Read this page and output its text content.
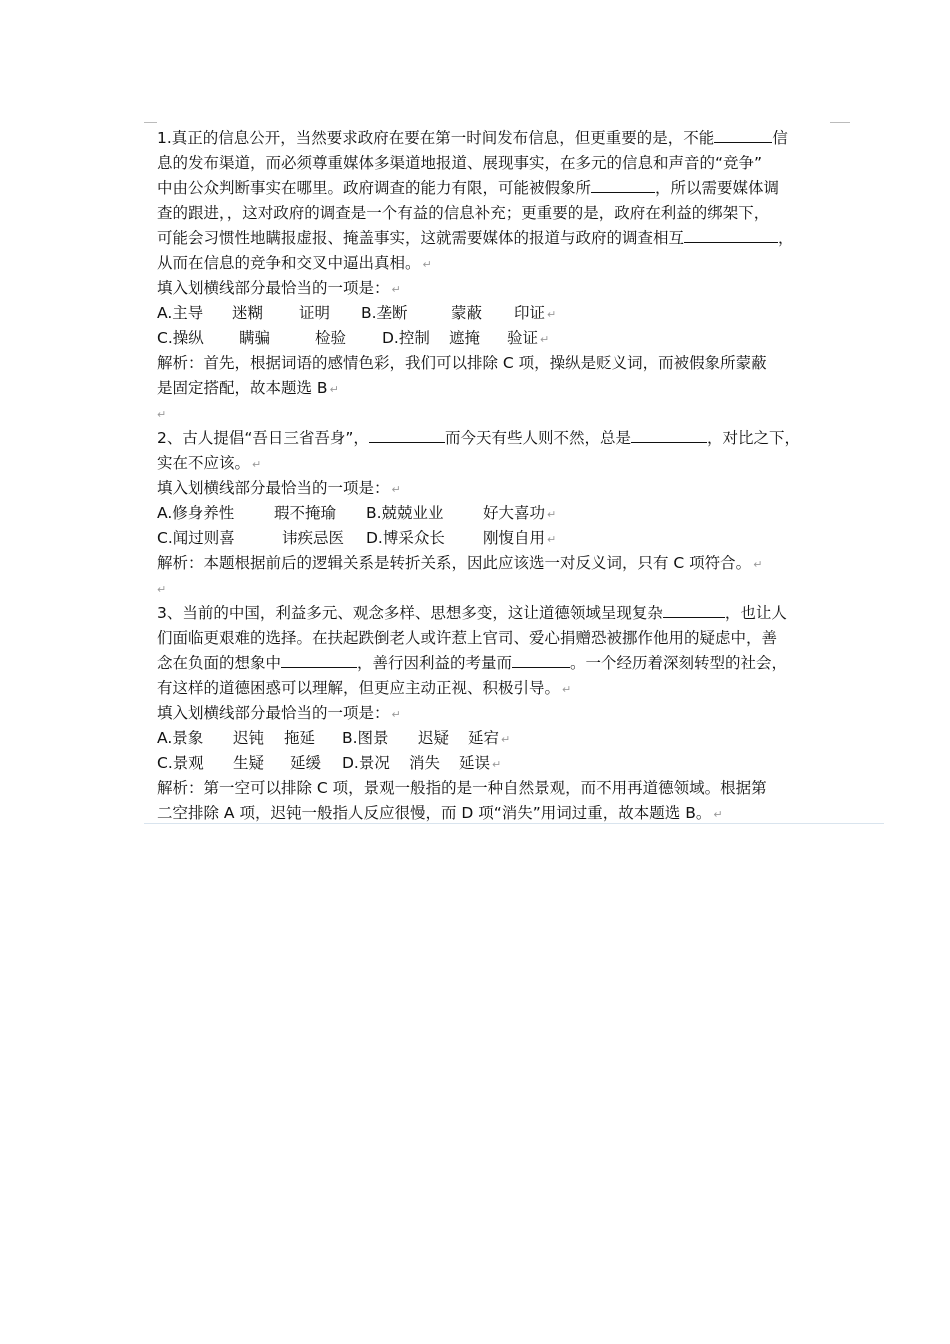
1.真正的信息公开，当然要求政府在要在第一时间发布信息，但更重要的是，不能	信
息的发布渠道，而必须尊重媒体多渠道地报道、展现事实，在多元的信息和声音的“竞争”
中由公众判断事实在哪里。政府调查的能力有限，可能被假象所	，所以需要媒体调
查的跟进，，这对政府的调查是一个有益的信息补充；更重要的是，政府在利益的绑架下，
可能会习惯性地瞒报虚报、掩盖事实，这就需要媒体的报道与政府的调查相互	，
从而在信息的竞争和交叉中逼出真相。 ↵
填入划横线部分最恰当的一项是： ↵
A.主导 迷糊 证明 B.垄断	蒙蔽 印证 ↵
C.操纵 瞒骗	检验 D.控制 遮掩 验证 ↵
解析：首先，根据词语的感情色彩，我们可以排除 C 项，操纵是贬义词，而被假象所蒙蔽
是固定搭配，故本题选 B ↵
↵
2、古人提倡“吾日三省吾身”，	而今天有些人则不然，总是	，对比之下，
实在不应该。 ↵
填入划横线部分最恰当的一项是： ↵
A.修身养性	瑕不掩瑜 B.兢兢业业	好大喜功 ↵
C.闻过则喜	讳疾忌医 D.博采众长 刚愎自用 ↵
解析：本题根据前后的逻辑关系是转折关系，因此应该选一对反义词，只有 C 项符合。 ↵
↵
3、当前的中国，利益多元、观念多样、思想多变，这让道德领域呈现复杂	，也让人
们面临更艰难的选择。在扶起跌倒老人或许惹上官司、爱心捐赠恐被挪作他用的疑虑中，善
念在负面的想象中	，善行因利益的考量而	。一个经历着深刻转型的社会，
有这样的道德困惑可以理解，但更应主动正视、积极引导。 ↵
填入划横线部分最恰当的一项是： ↵
A.景象 迟钝 拖延 B.图景 迟疑 延宕 ↵
C.景观 生疑 延缓 D.景况 消失 延误 ↵
解析：第一空可以排除 C 项，景观一般指的是一种自然景观，而不用再道德领域。根据第
二空排除 A 项，迟钝一般指人反应很慢，而 D 项“消失”用词过重，故本题选 B。 ↵
